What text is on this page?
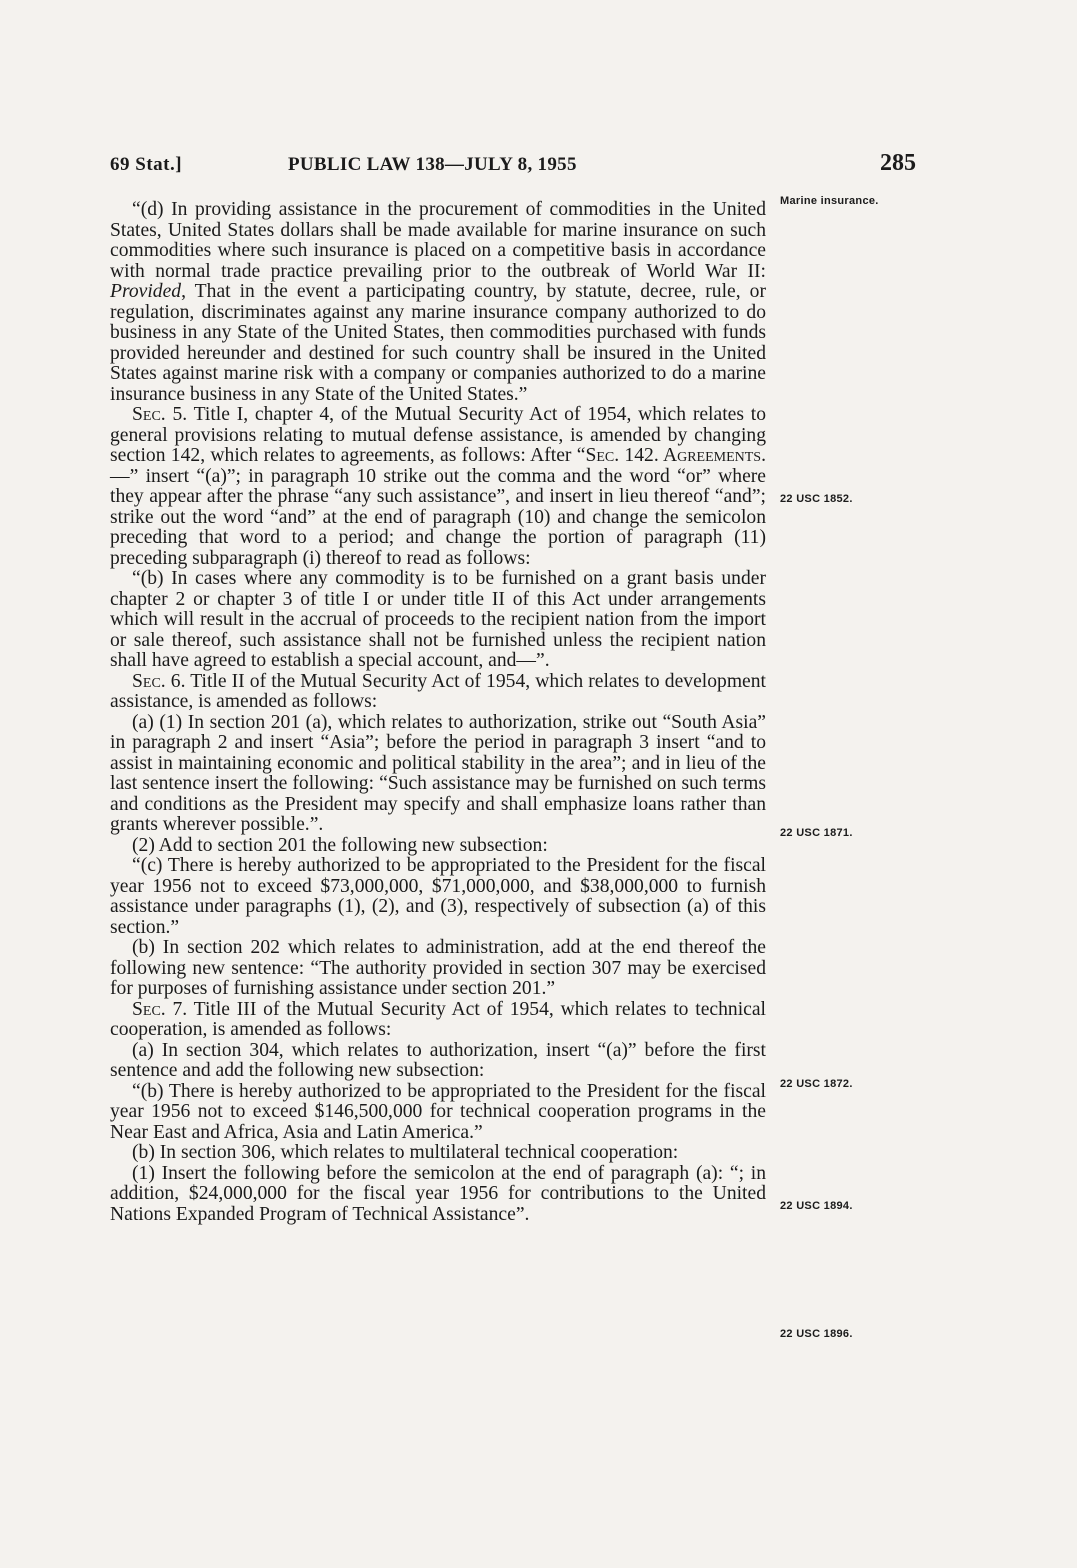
69 Stat.]	PUBLIC LAW 138—JULY 8, 1955	285

“(d) In providing assistance in the procurement of commodities in the United States, United States dollars shall be made available for marine insurance on such commodities where such insurance is placed on a competitive basis in accordance with normal trade practice prevailing prior to the outbreak of World War II: Provided, That in the event a participating country, by statute, decree, rule, or regulation, discriminates against any marine insurance company authorized to do business in any State of the United States, then commodities purchased with funds provided hereunder and destined for such country shall be insured in the United States against marine risk with a company or companies authorized to do a marine insurance business in any State of the United States.”

Sec. 5. Title I, chapter 4, of the Mutual Security Act of 1954, which relates to general provisions relating to mutual defense assistance, is amended by changing section 142, which relates to agreements, as follows: After “Sec. 142. Agreements.—” insert “(a)”; in paragraph 10 strike out the comma and the word “or” where they appear after the phrase “any such assistance”, and insert in lieu thereof “and”; strike out the word “and” at the end of paragraph (10) and change the semicolon preceding that word to a period; and change the portion of paragraph (11) preceding subparagraph (i) thereof to read as follows:

“(b) In cases where any commodity is to be furnished on a grant basis under chapter 2 or chapter 3 of title I or under title II of this Act under arrangements which will result in the accrual of proceeds to the recipient nation from the import or sale thereof, such assistance shall not be furnished unless the recipient nation shall have agreed to establish a special account, and—”.

Sec. 6. Title II of the Mutual Security Act of 1954, which relates to development assistance, is amended as follows:

(a) (1) In section 201 (a), which relates to authorization, strike out “South Asia” in paragraph 2 and insert “Asia”; before the period in paragraph 3 insert “and to assist in maintaining economic and political stability in the area”; and in lieu of the last sentence insert the following: “Such assistance may be furnished on such terms and conditions as the President may specify and shall emphasize loans rather than grants wherever possible.”.

(2) Add to section 201 the following new subsection:

“(c) There is hereby authorized to be appropriated to the President for the fiscal year 1956 not to exceed $73,000,000, $71,000,000, and $38,000,000 to furnish assistance under paragraphs (1), (2), and (3), respectively of subsection (a) of this section.”

(b) In section 202 which relates to administration, add at the end thereof the following new sentence: “The authority provided in section 307 may be exercised for purposes of furnishing assistance under section 201.”

Sec. 7. Title III of the Mutual Security Act of 1954, which relates to technical cooperation, is amended as follows:

(a) In section 304, which relates to authorization, insert “(a)” before the first sentence and add the following new subsection:

“(b) There is hereby authorized to be appropriated to the President for the fiscal year 1956 not to exceed $146,500,000 for technical cooperation programs in the Near East and Africa, Asia and Latin America.”

(b) In section 306, which relates to multilateral technical cooperation:

(1) Insert the following before the semicolon at the end of paragraph (a): “; in addition, $24,000,000 for the fiscal year 1956 for contributions to the United Nations Expanded Program of Technical Assistance”.

Marine insurance.
22 USC 1852.
22 USC 1871.
22 USC 1872.
22 USC 1894.
22 USC 1896.
